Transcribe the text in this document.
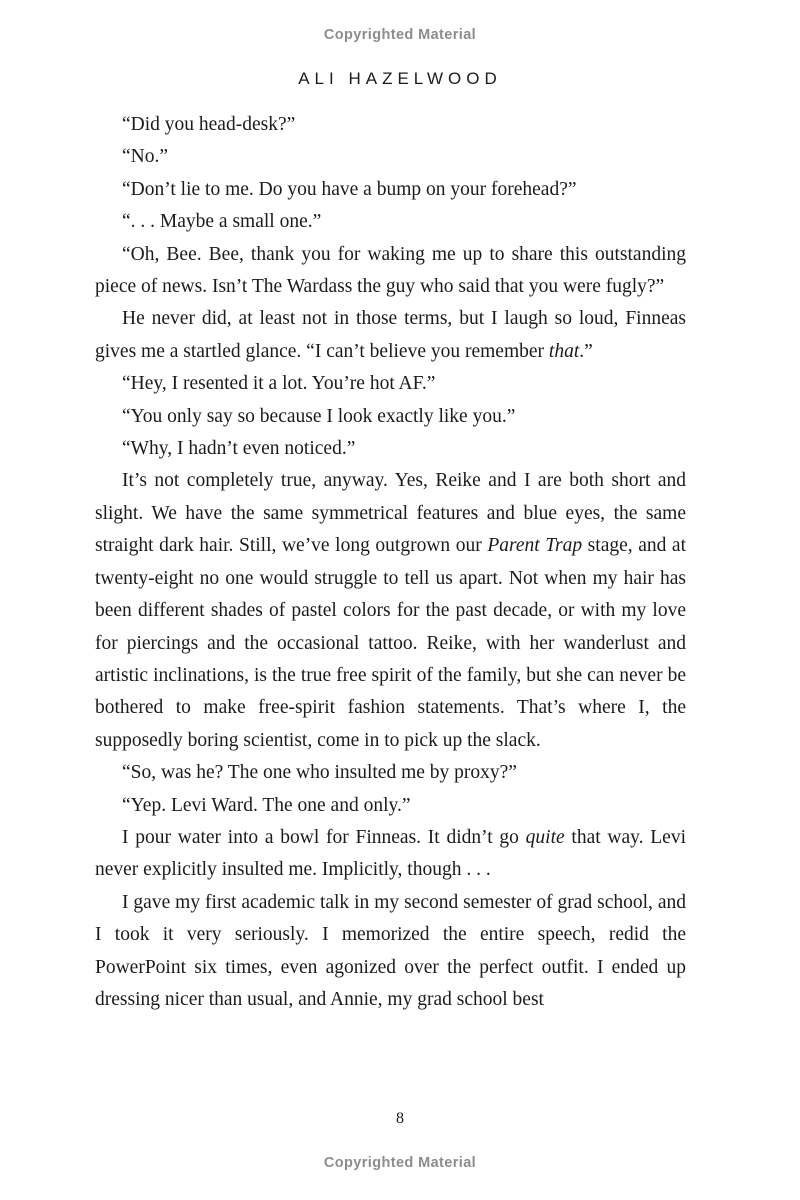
Copyrighted Material
ALI HAZELWOOD

“Did you head-desk?”

“No.”

“Don’t lie to me. Do you have a bump on your forehead?”

“. . . Maybe a small one.”

“Oh, Bee. Bee, thank you for waking me up to share this outstanding piece of news. Isn’t The Wardass the guy who said that you were fugly?”

He never did, at least not in those terms, but I laugh so loud, Finneas gives me a startled glance. “I can’t believe you remember that.”

“Hey, I resented it a lot. You’re hot AF.”

“You only say so because I look exactly like you.”

“Why, I hadn’t even noticed.”

It’s not completely true, anyway. Yes, Reike and I are both short and slight. We have the same symmetrical features and blue eyes, the same straight dark hair. Still, we’ve long outgrown our Parent Trap stage, and at twenty-eight no one would struggle to tell us apart. Not when my hair has been different shades of pastel colors for the past decade, or with my love for piercings and the occasional tattoo. Reike, with her wanderlust and artistic inclinations, is the true free spirit of the family, but she can never be bothered to make free-spirit fashion statements. That’s where I, the supposedly boring scientist, come in to pick up the slack.

“So, was he? The one who insulted me by proxy?”

“Yep. Levi Ward. The one and only.”

I pour water into a bowl for Finneas. It didn’t go quite that way. Levi never explicitly insulted me. Implicitly, though . . .

I gave my first academic talk in my second semester of grad school, and I took it very seriously. I memorized the entire speech, redid the PowerPoint six times, even agonized over the perfect outfit. I ended up dressing nicer than usual, and Annie, my grad school best

8
Copyrighted Material
